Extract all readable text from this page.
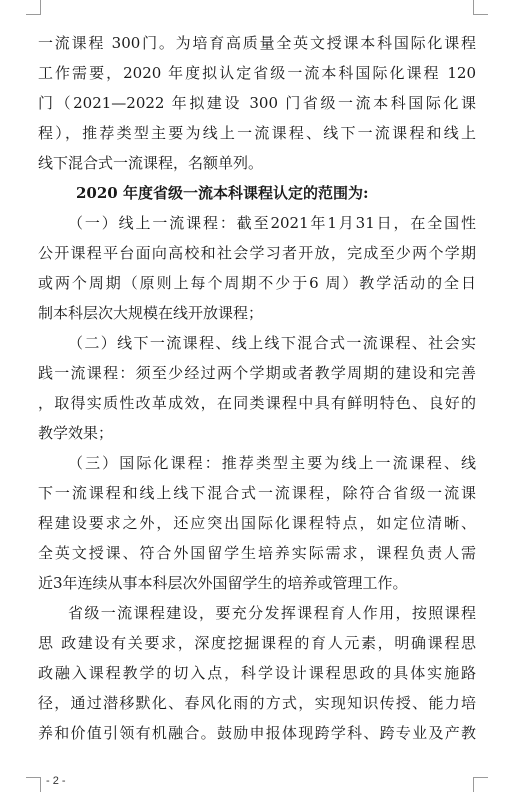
一流课程 300门。为培育高质量全英文授课本科国际化课程
工作需要，2020 年度拟认定省级一流本科国际化课程 120
门（2021—2022 年拟建设 300 门省级一流本科国际化课
程），推荐类型主要为线上一流课程、线下一流课程和线上
线下混合式一流课程，名额单列。
2020 年度省级一流本科课程认定的范围为:
（一）线上一流课程：截至2021年1月31日，在全国性
公开课程平台面向高校和社会学习者开放，完成至少两个学期
或两个周期（原则上每个周期不少于6 周）教学活动的全日
制本科层次大规模在线开放课程；
（二）线下一流课程、线上线下混合式一流课程、社会实
践一流课程：须至少经过两个学期或者教学周期的建设和完善
，取得实质性改革成效，在同类课程中具有鲜明特色、良好的
教学效果；
（三）国际化课程：推荐类型主要为线上一流课程、线
下一流课程和线上线下混合式一流课程，除符合省级一流课
程建设要求之外，还应突出国际化课程特点，如定位清晰、
全英文授课、符合外国留学生培养实际需求，课程负责人需
近3年连续从事本科层次外国留学生的培养或管理工作。
省级一流课程建设，要充分发挥课程育人作用，按照课程
思 政建设有关要求，深度挖掘课程的育人元素，明确课程思
政融入课程教学的切入点，科学设计课程思政的具体实施路
径，通过潜移默化、春风化雨的方式，实现知识传授、能力培
养和价值引领有机融合。鼓励申报体现跨学科、跨专业及产教
- 2 -
